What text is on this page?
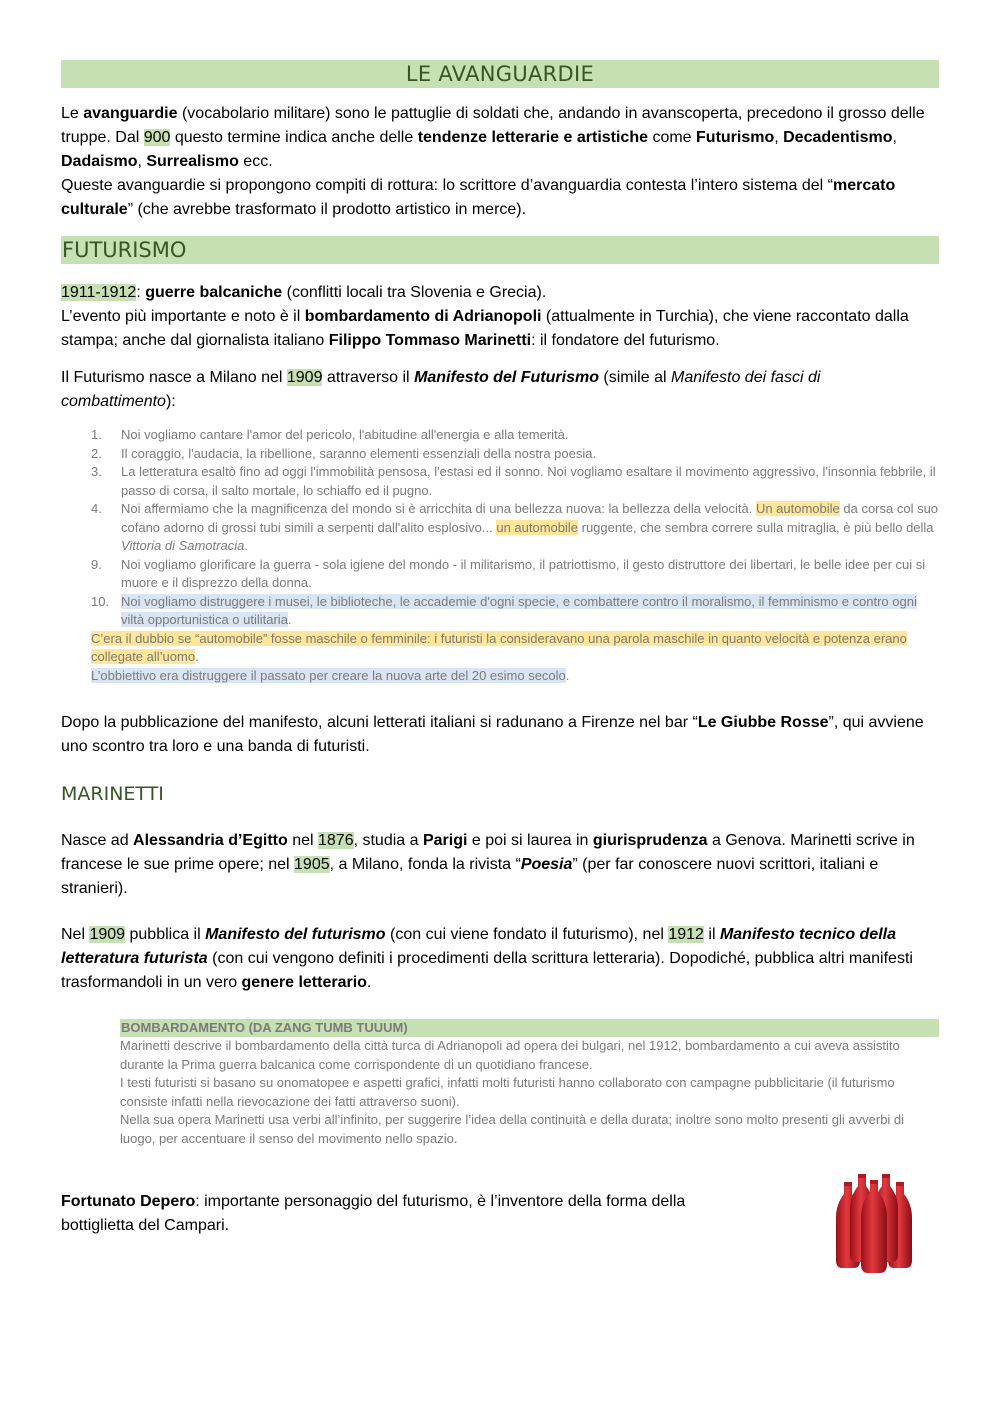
LE AVANGUARDIE

Le avanguardie (vocabolario militare) sono le pattuglie di soldati che, andando in avanscoperta, precedono il grosso delle truppe. Dal 900 questo termine indica anche delle tendenze letterarie e artistiche come Futurismo, Decadentismo, Dadaismo, Surrealismo ecc.

Queste avanguardie si propongono compiti di rottura: lo scrittore d’avanguardia contesta l’intero sistema del “mercato culturale” (che avrebbe trasformato il prodotto artistico in merce).

FUTURISMO

1911-1912: guerre balcaniche (conflitti locali tra Slovenia e Grecia).

L’evento più importante e noto è il bombardamento di Adrianopoli (attualmente in Turchia), che viene raccontato dalla stampa; anche dal giornalista italiano Filippo Tommaso Marinetti: il fondatore del futurismo.

Il Futurismo nasce a Milano nel 1909 attraverso il Manifesto del Futurismo (simile al Manifesto dei fasci di combattimento):

1. Noi vogliamo cantare l'amor del pericolo, l'abitudine all'energia e alla temerità.
2. Il coraggio, l'audacia, la ribellione, saranno elementi essenziali della nostra poesia.
3. La letteratura esaltò fino ad oggi l'immobilità pensosa, l'estasi ed il sonno. Noi vogliamo esaltare il movimento aggressivo, l'insonnia febbrile, il passo di corsa, il salto mortale, lo schiaffo ed il pugno.
4. Noi affermiamo che la magnificenza del mondo si è arricchita di una bellezza nuova: la bellezza della velocità. Un automobile da corsa col suo cofano adorno di grossi tubi simili a serpenti dall'alito esplosivo... un automobile ruggente, che sembra correre sulla mitraglia, è più bello della Vittoria di Samotracia.
9. Noi vogliamo glorificare la guerra - sola igiene del mondo - il militarismo, il patriottismo, il gesto distruttore dei libertari, le belle idee per cui si muore e il disprezzo della donna.
10. Noi vogliamo distruggere i musei, le biblioteche, le accademie d'ogni specie, e combattere contro il moralismo, il femminismo e contro ogni viltà opportunistica o utilitaria.
C’era il dubbio se “automobile” fosse maschile o femminile: i futuristi la consideravano una parola maschile in quanto velocità e potenza erano collegate all’uomo.
L’obbiettivo era distruggere il passato per creare la nuova arte del 20 esimo secolo.

Dopo la pubblicazione del manifesto, alcuni letterati italiani si radunano a Firenze nel bar “Le Giubbe Rosse”, qui avviene uno scontro tra loro e una banda di futuristi.

MARINETTI

Nasce ad Alessandria d’Egitto nel 1876, studia a Parigi e poi si laurea in giurisprudenza a Genova. Marinetti scrive in francese le sue prime opere; nel 1905, a Milano, fonda la rivista “Poesia” (per far conoscere nuovi scrittori, italiani e stranieri).

Nel 1909 pubblica il Manifesto del futurismo (con cui viene fondato il futurismo), nel 1912 il Manifesto tecnico della letteratura futurista (con cui vengono definiti i procedimenti della scrittura letteraria). Dopodiché, pubblica altri manifesti trasformandoli in un vero genere letterario.

BOMBARDAMENTO (DA ZANG TUMB TUUUM)
Marinetti descrive il bombardamento della città turca di Adrianopoli ad opera dei bulgari, nel 1912, bombardamento a cui aveva assistito durante la Prima guerra balcanica come corrispondente di un quotidiano francese.
I testi futuristi si basano su onomatopee e aspetti grafici, infatti molti futuristi hanno collaborato con campagne pubblicitarie (il futurismo consiste infatti nella rievocazione dei fatti attraverso suoni).
Nella sua opera Marinetti usa verbi all’infinito, per suggerire l’idea della continuità e della durata; inoltre sono molto presenti gli avverbi di luogo, per accentuare il senso del movimento nello spazio.

Fortunato Depero: importante personaggio del futurismo, è l’inventore della forma della bottiglietta del Campari.
